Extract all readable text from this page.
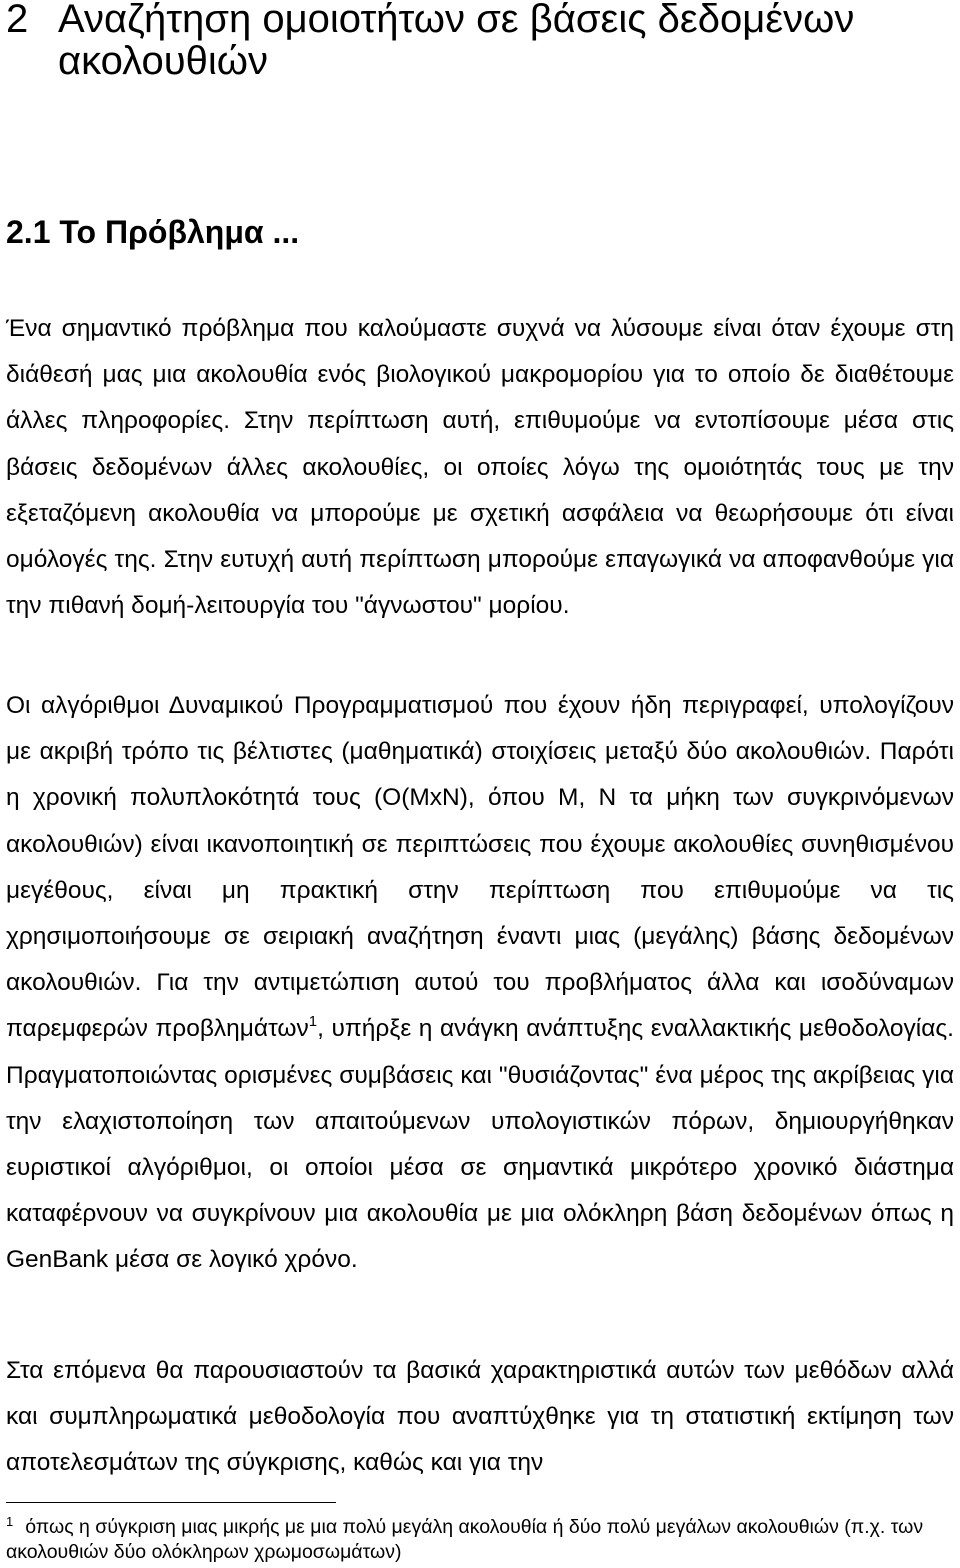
2 Αναζήτηση ομοιοτήτων σε βάσεις δεδομένων
ακολουθιών
2.1 Το Πρόβλημα ...

Ένα σημαντικό πρόβλημα που καλούμαστε συχνά να λύσουμε είναι όταν έχουμε στη διάθεσή μας μια ακολουθία ενός βιολογικού μακρομορίου για το οποίο δε διαθέτουμε άλλες πληροφορίες. Στην περίπτωση αυτή, επιθυμούμε να εντοπίσουμε μέσα στις βάσεις δεδομένων άλλες ακολουθίες, οι οποίες λόγω της ομοιότητάς τους με την εξεταζόμενη ακολουθία να μπορούμε με σχετική ασφάλεια να θεωρήσουμε ότι είναι ομόλογές της. Στην ευτυχή αυτή περίπτωση μπορούμε επαγωγικά να αποφανθούμε για την πιθανή δομή-λειτουργία του "άγνωστου" μορίου.

Οι αλγόριθμοι Δυναμικού Προγραμματισμού που έχουν ήδη περιγραφεί, υπολογίζουν με ακριβή τρόπο τις βέλτιστες (μαθηματικά) στοιχίσεις μεταξύ δύο ακολουθιών. Παρότι η χρονική πολυπλοκότητά τους (O(MxN), όπου M, N τα μήκη των συγκρινόμενων ακολουθιών) είναι ικανοποιητική σε περιπτώσεις που έχουμε ακολουθίες συνηθισμένου μεγέθους, είναι μη πρακτική στην περίπτωση που επιθυμούμε να τις χρησιμοποιήσουμε σε σειριακή αναζήτηση έναντι μιας (μεγάλης) βάσης δεδομένων ακολουθιών. Για την αντιμετώπιση αυτού του προβλήματος άλλα και ισοδύναμων παρεμφερών προβλημάτων$^1$, υπήρξε η ανάγκη ανάπτυξης εναλλακτικής μεθοδολογίας. Πραγματοποιώντας ορισμένες συμβάσεις και "θυσιάζοντας" ένα μέρος της ακρίβειας για την ελαχιστοποίηση των απαιτούμενων υπολογιστικών πόρων, δημιουργήθηκαν ευριστικοί αλγόριθμοι, οι οποίοι μέσα σε σημαντικά μικρότερο χρονικό διάστημα καταφέρνουν να συγκρίνουν μια ακολουθία με μια ολόκληρη βάση δεδομένων όπως η GenBank μέσα σε λογικό χρόνο.

Στα επόμενα θα παρουσιαστούν τα βασικά χαρακτηριστικά αυτών των μεθόδων αλλά και συμπληρωματικά μεθοδολογία που αναπτύχθηκε για τη στατιστική εκτίμηση των αποτελεσμάτων της σύγκρισης, καθώς και για την

$^1$ όπως η σύγκριση μιας μικρής με μια πολύ μεγάλη ακολουθία ή δύο πολύ μεγάλων ακολουθιών (π.χ. των ακολουθιών δύο ολόκληρων χρωμοσωμάτων)
